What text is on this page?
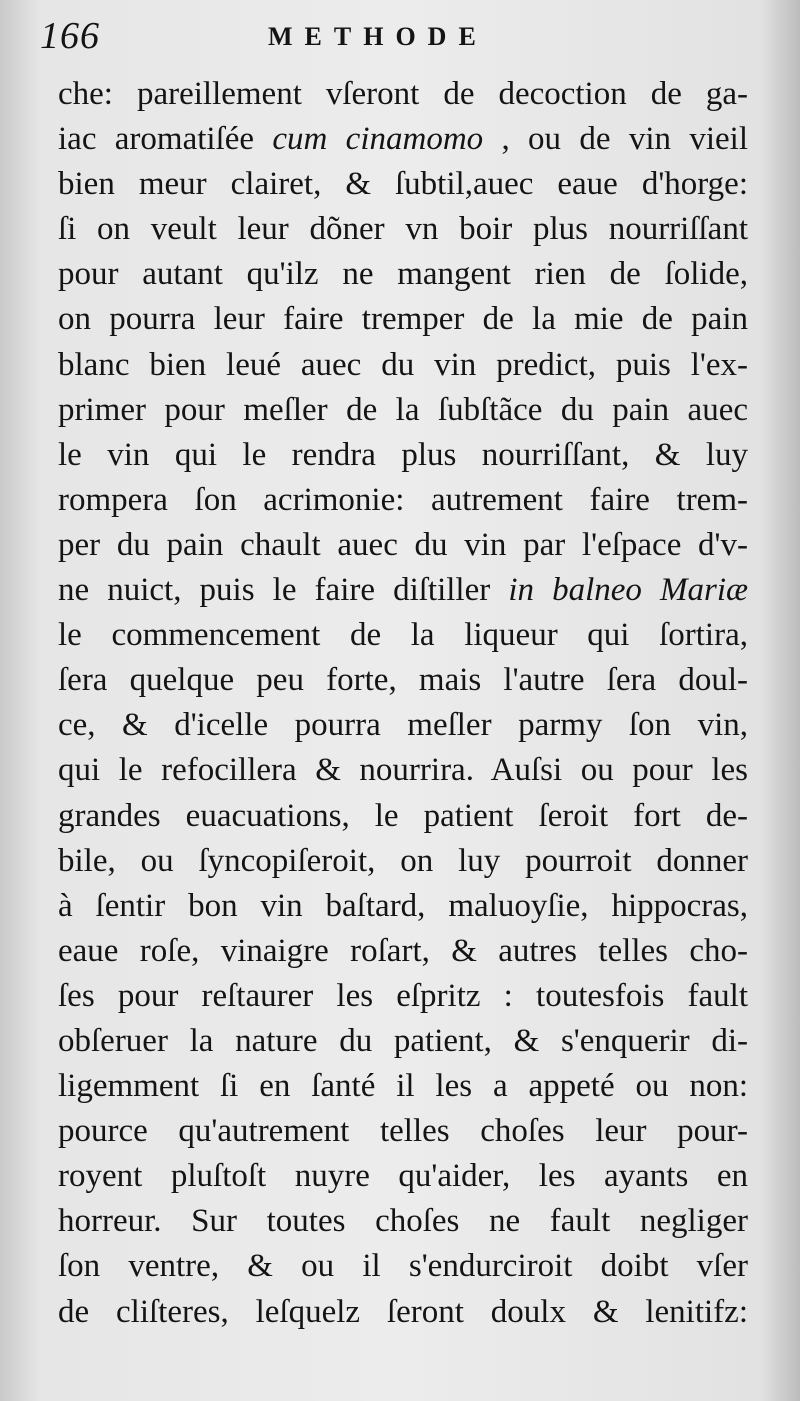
166	METHODE
che: pareillement vſeront de decoction de ga-
iac aromatiſée cum cinamomo , ou de vin vieil
bien meur clairet, & ſubtil,auec eaue d'horge:
ſi on veult leur dõner vn boir plus nourriſſant
pour autant qu'ilz ne mangent rien de ſolide,
on pourra leur faire tremper de la mie de pain
blanc bien leué auec du vin predict, puis l'ex-
primer pour meſler de la ſubſtãce du pain auec
le vin qui le rendra plus nourriſſant, & luy
rompera ſon acrimonie: autrement faire trem-
per du pain chault auec du vin par l'eſpace d'v-
ne nuict, puis le faire diſtiller in balneo Mariæ
le commencement de la liqueur qui ſortira,
ſera quelque peu forte, mais l'autre ſera doul-
ce, & d'icelle pourra meſler parmy ſon vin,
qui le refocillera & nourrira. Auſsi ou pour les
grandes euacuations, le patient ſeroit fort de-
bile, ou ſyncopiſeroit, on luy pourroit donner
à ſentir bon vin baſtard, maluoyſie, hippocras,
eaue roſe, vinaigre roſart, & autres telles cho-
ſes pour reſtaurer les eſpritz : toutesfois fault
obſeruer la nature du patient, & s'enquerir di-
ligemment ſi en ſanté il les a appeté ou non:
pource qu'autrement telles choſes leur pour-
royent pluſtoſt nuyre qu'aider, les ayants en
horreur. Sur toutes choſes ne fault negliger
ſon ventre, & ou il s'endurciroit doibt vſer
de cliſteres, leſquelz ſeront doulx & lenitifz:
